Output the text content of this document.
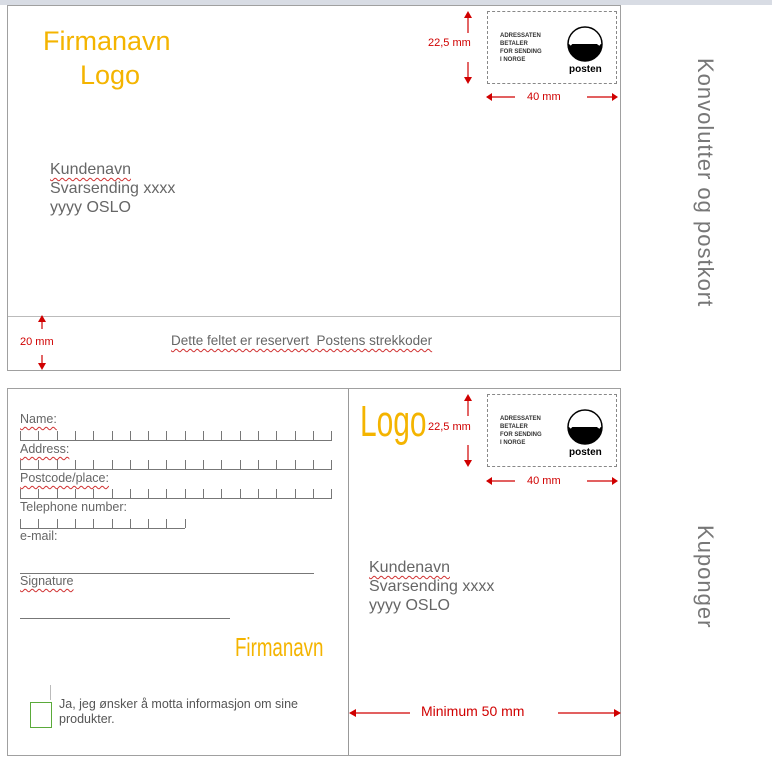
Firmanavn
Logo
22,5 mm
ADRESSATEN
BETALER
FOR SENDING
I NORGE
posten
40 mm
Kundenavn
Svarsending xxxx
yyyy OSLO
20 mm	Dette feltet er reservert  Postens strekkoder
Konvolutter og postkort
Name:
Address:
Postcode/place:
Telephone number:
e-mail:
Signature
Firmanavn
Ja, jeg ønsker å motta informasjon om sine produkter.
Logo 22,5 mm
ADRESSATEN
BETALER
FOR SENDING
I NORGE
posten
40 mm
Kundenavn
Svarsending xxxx
yyyy OSLO
Minimum 50 mm
Kuponger
